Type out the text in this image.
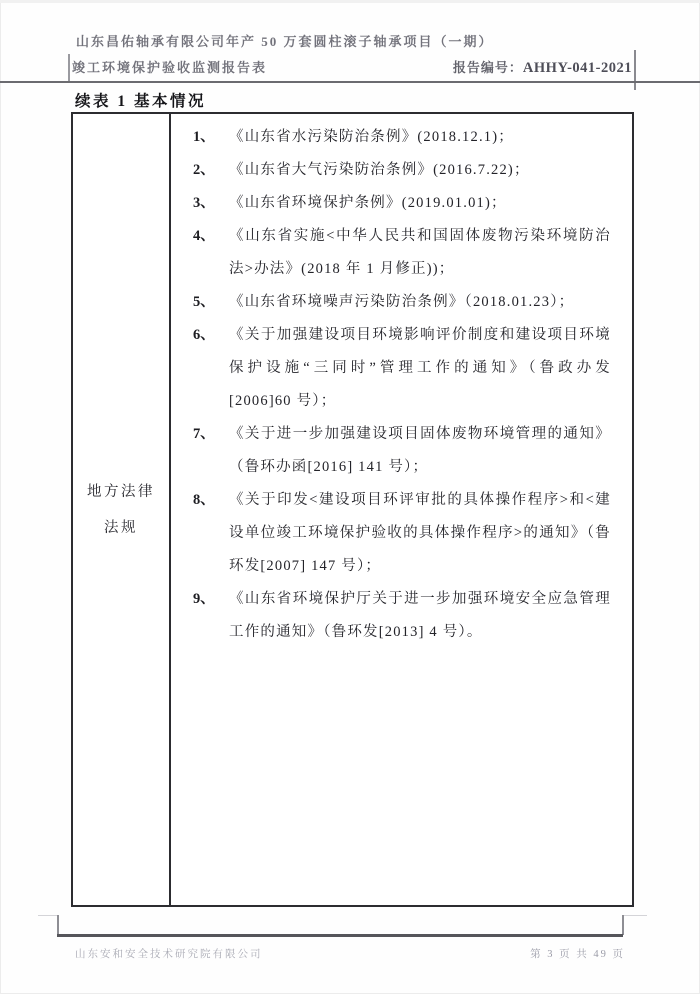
山东昌佑轴承有限公司年产 50 万套圆柱滚子轴承项目（一期）
竣工环境保护验收监测报告表	报告编号：AHHY-041-2021
续表 1 基本情况
地方法律法规
1、 《山东省水污染防治条例》(2018.12.1)；
2、 《山东省大气污染防治条例》(2016.7.22)；
3、 《山东省环境保护条例》(2019.01.01)；
4、 《山东省实施<中华人民共和国固体废物污染环境防治法>办法》(2018 年 1 月修正))；
5、 《山东省环境噪声污染防治条例》（2018.01.23）；
6、 《关于加强建设项目环境影响评价制度和建设项目环境保护设施“三同时”管理工作的通知》（鲁政办发[2006]60 号）；
7、 《关于进一步加强建设项目固体废物环境管理的通知》（鲁环办函[2016] 141 号）；
8、 《关于印发<建设项目环评审批的具体操作程序>和<建设单位竣工环境保护验收的具体操作程序>的通知》（鲁环发[2007] 147 号）；
9、 《山东省环境保护厅关于进一步加强环境安全应急管理工作的通知》（鲁环发[2013] 4 号）。
山东安和安全技术研究院有限公司	第 3 页 共 49 页
